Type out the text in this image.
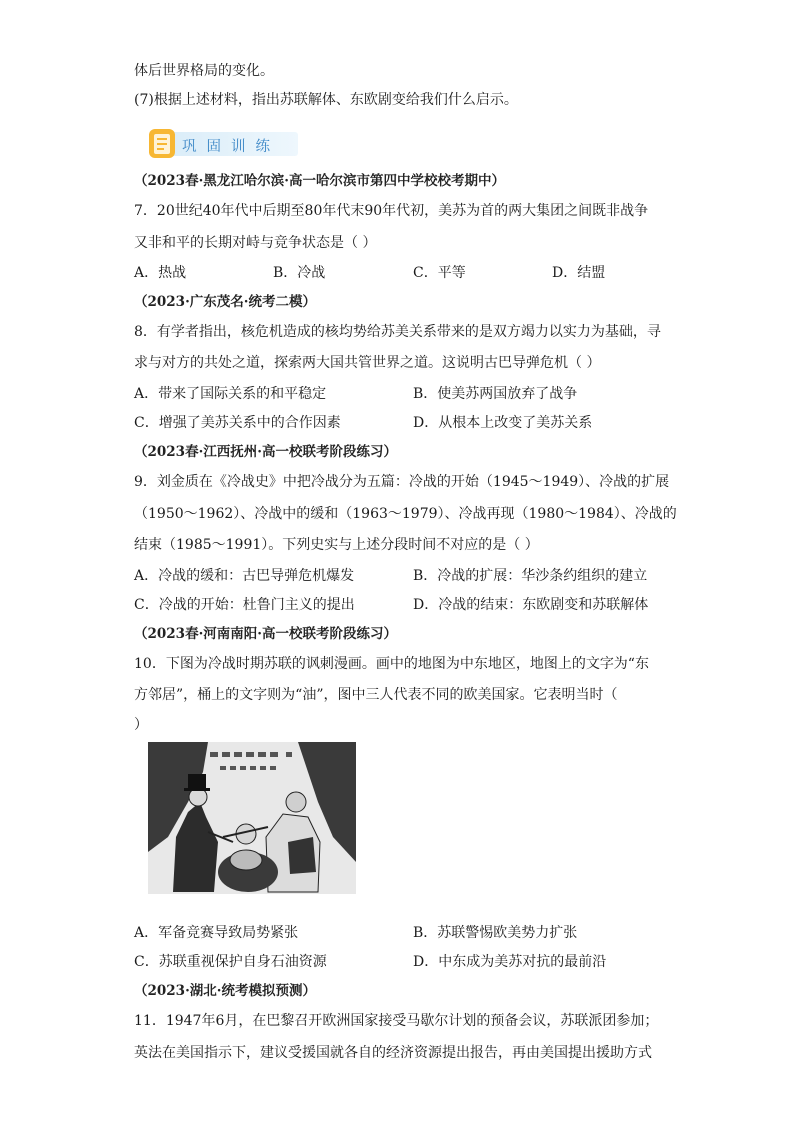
体后世界格局的变化。
(7)根据上述材料，指出苏联解体、东欧剧变给我们什么启示。
巩固训练
（2023春·黑龙江哈尔滨·高一哈尔滨市第四中学校校考期中）
7．20世纪40年代中后期至80年代末90年代初，美苏为首的两大集团之间既非战争
又非和平的长期对峙与竞争状态是（ ）
A．热战	B．冷战	C．平等	D．结盟
（2023·广东茂名·统考二模）
8．有学者指出，核危机造成的核均势给苏美关系带来的是双方竭力以实力为基础，寻
求与对方的共处之道，探索两大国共管世界之道。这说明古巴导弹危机（ ）
A．带来了国际关系的和平稳定	B．使美苏两国放弃了战争
C．增强了美苏关系中的合作因素	D．从根本上改变了美苏关系
（2023春·江西抚州·高一校联考阶段练习）
9．刘金质在《冷战史》中把冷战分为五篇：冷战的开始（1945～1949）、冷战的扩展
（1950～1962）、冷战中的缓和（1963～1979）、冷战再现（1980～1984）、冷战的
结束（1985～1991）。下列史实与上述分段时间不对应的是（ ）
A．冷战的缓和：古巴导弹危机爆发	B．冷战的扩展：华沙条约组织的建立
C．冷战的开始：杜鲁门主义的提出	D．冷战的结束：东欧剧变和苏联解体
（2023春·河南南阳·高一校联考阶段练习）
10．下图为冷战时期苏联的讽刺漫画。画中的地图为中东地区，地图上的文字为“东
方邻居”，桶上的文字则为“油”，图中三人代表不同的欧美国家。它表明当时（
）
A．军备竞赛导致局势紧张	B．苏联警惕欧美势力扩张
C．苏联重视保护自身石油资源	D．中东成为美苏对抗的最前沿
（2023·湖北·统考模拟预测）
11．1947年6月，在巴黎召开欧洲国家接受马歇尔计划的预备会议，苏联派团参加；
英法在美国指示下，建议受援国就各自的经济资源提出报告，再由美国提出援助方式
